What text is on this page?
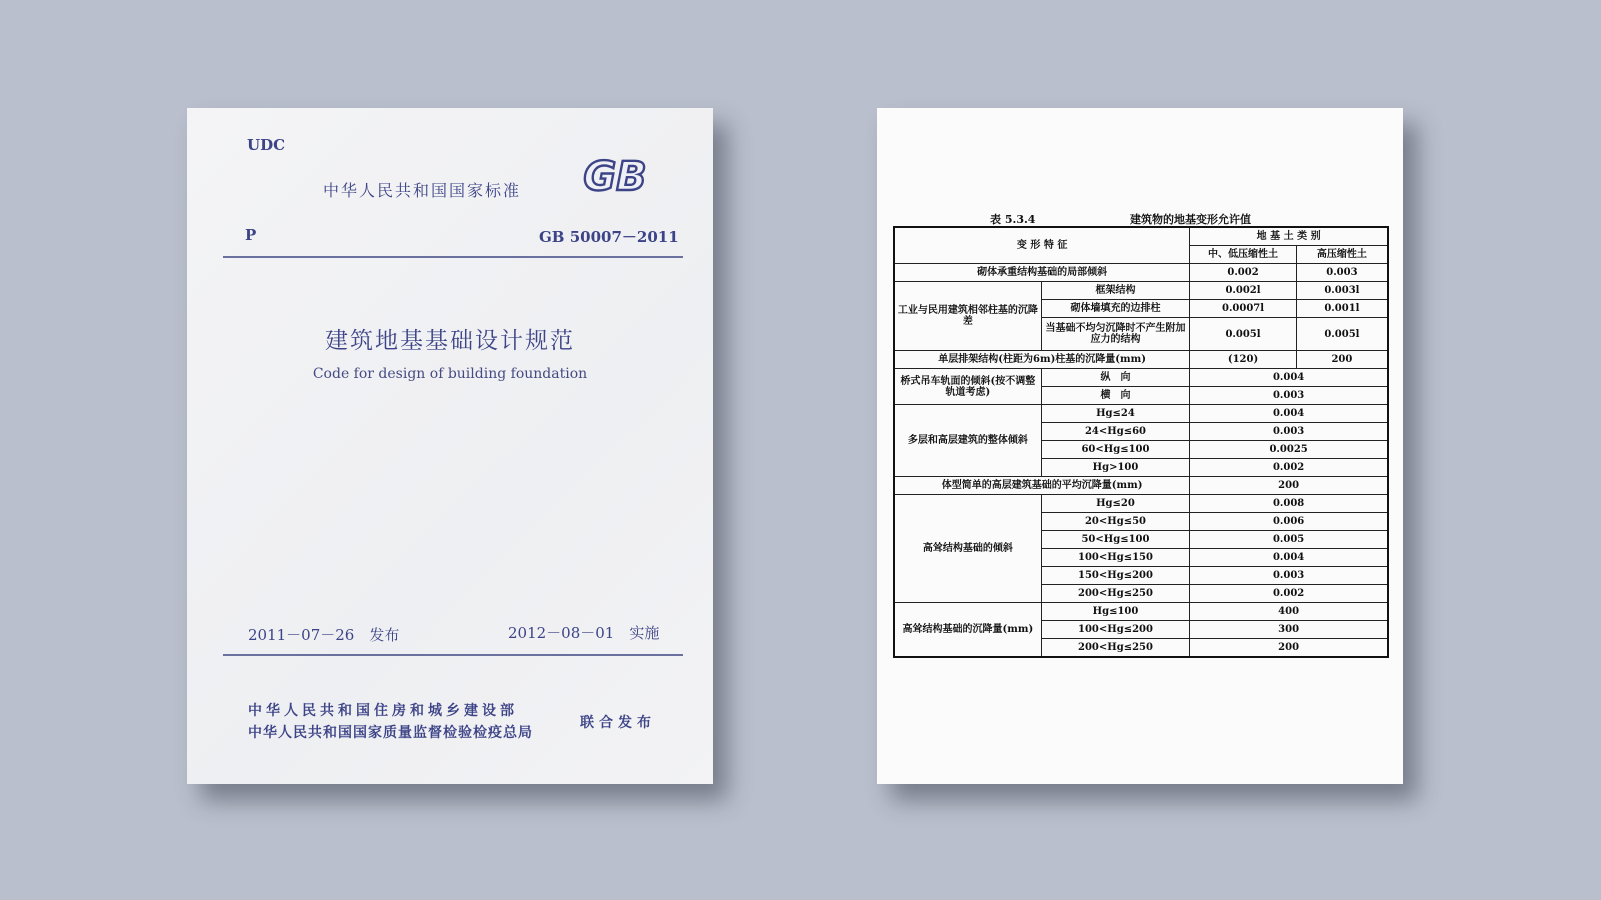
UDC
中华人民共和国国家标准 GB
P	GB 50007－2011
建筑地基基础设计规范
Code for design of building foundation
2011－07－26　发布	2012－08－01　实施
中华人民共和国住房和城乡建设部
中华人民共和国国家质量监督检验检疫总局
联合发布
表 5.3.4	建筑物的地基变形允许值
变 形 特 征		地 基 土 类 别	
		中、低压缩性土	高压缩性土
砌体承重结构基础的局部倾斜		0.002	0.003
工业与民用建筑相邻柱基的沉降差	框架结构	0.002l	0.003l
	砌体墙填充的边排柱	0.0007l	0.001l
	当基础不均匀沉降时不产生附加应力的结构	0.005l	0.005l
单层排架结构(柱距为6m)柱基的沉降量(mm)		(120)	200
桥式吊车轨面的倾斜(按不调整轨道考虑)	纵　向	0.004	
	横　向	0.003	
多层和高层建筑的整体倾斜	Hg≤24	0.004	
	24<Hg≤60	0.003	
	60<Hg≤100	0.0025	
	Hg>100	0.002	
体型简单的高层建筑基础的平均沉降量(mm)		200	
高耸结构基础的倾斜	Hg≤20	0.008	
	20<Hg≤50	0.006	
	50<Hg≤100	0.005	
	100<Hg≤150	0.004	
	150<Hg≤200	0.003	
	200<Hg≤250	0.002	
高耸结构基础的沉降量(mm)	Hg≤100	400	
	100<Hg≤200	300	
	200<Hg≤250	200	
